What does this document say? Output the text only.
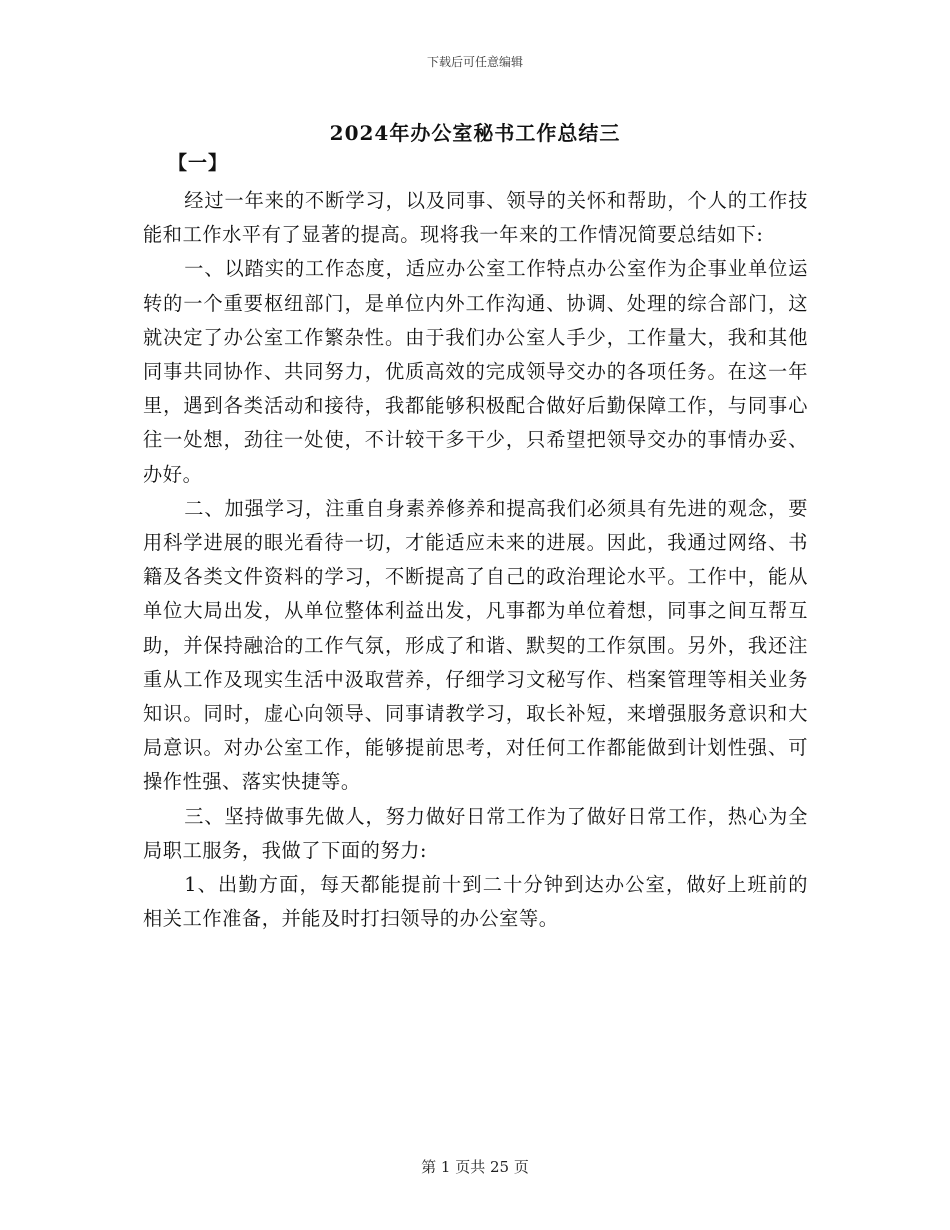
下载后可任意编辑
2024年办公室秘书工作总结三
【一】

经过一年来的不断学习，以及同事、领导的关怀和帮助，个人的工作技能和工作水平有了显著的提高。现将我一年来的工作情况简要总结如下:

一、以踏实的工作态度，适应办公室工作特点办公室作为企事业单位运转的一个重要枢纽部门，是单位内外工作沟通、协调、处理的综合部门，这就决定了办公室工作繁杂性。由于我们办公室人手少，工作量大，我和其他同事共同协作、共同努力，优质高效的完成领导交办的各项任务。在这一年里，遇到各类活动和接待，我都能够积极配合做好后勤保障工作，与同事心往一处想，劲往一处使，不计较干多干少，只希望把领导交办的事情办妥、办好。

二、加强学习，注重自身素养修养和提高我们必须具有先进的观念，要用科学进展的眼光看待一切，才能适应未来的进展。因此，我通过网络、书籍及各类文件资料的学习，不断提高了自己的政治理论水平。工作中，能从单位大局出发，从单位整体利益出发，凡事都为单位着想，同事之间互帮互助，并保持融洽的工作气氛，形成了和谐、默契的工作氛围。另外，我还注重从工作及现实生活中汲取营养，仔细学习文秘写作、档案管理等相关业务知识。同时，虚心向领导、同事请教学习，取长补短，来增强服务意识和大局意识。对办公室工作，能够提前思考，对任何工作都能做到计划性强、可操作性强、落实快捷等。

三、坚持做事先做人，努力做好日常工作为了做好日常工作，热心为全局职工服务，我做了下面的努力:

1、出勤方面，每天都能提前十到二十分钟到达办公室，做好上班前的相关工作准备，并能及时打扫领导的办公室等。

第 1 页共 25 页
